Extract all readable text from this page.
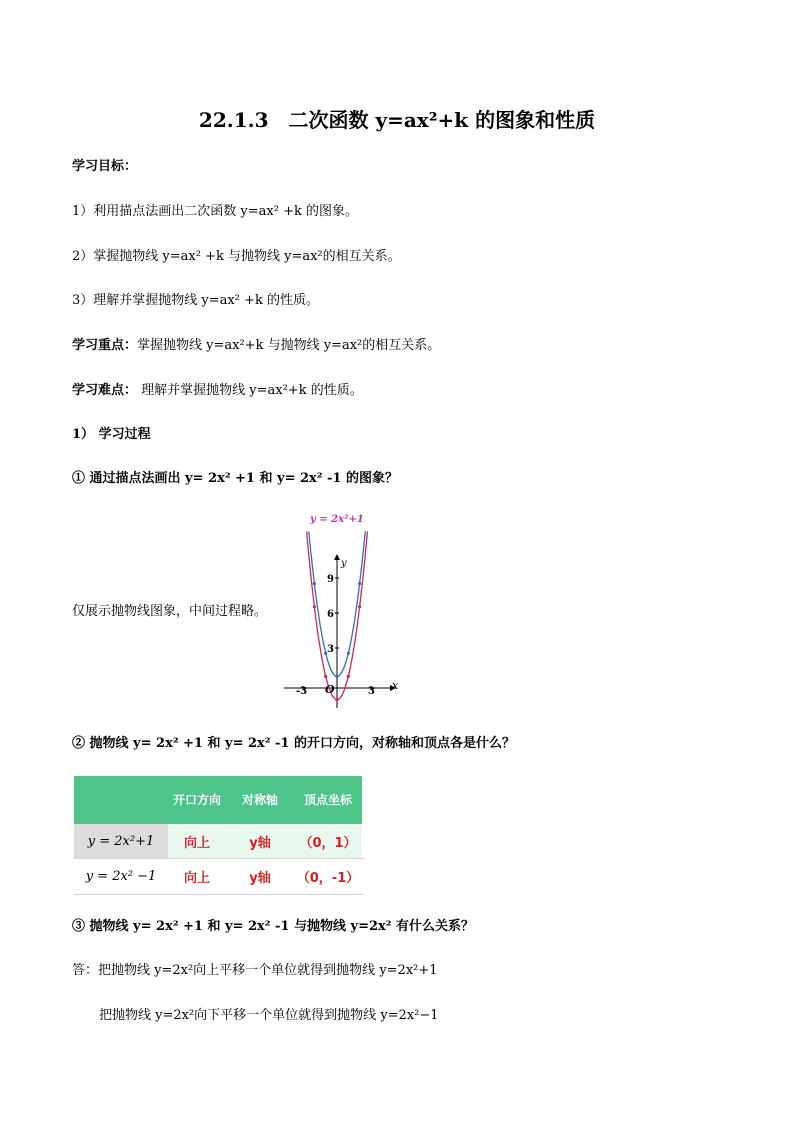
22.1.3　二次函数 y=ax²+k 的图象和性质
学习目标：
1）利用描点法画出二次函数 y=ax² +k 的图象。
2）掌握抛物线 y=ax² +k 与抛物线 y=ax²的相互关系。
3）理解并掌握抛物线 y=ax² +k 的性质。
学习重点：掌握抛物线 y=ax²+k 与抛物线 y=ax²的相互关系。
学习难点： 理解并掌握抛物线 y=ax²+k 的性质。
1） 学习过程
① 通过描点法画出 y= 2x² +1 和 y= 2x² -1 的图象？
仅展示抛物线图象，中间过程略。
y = 2x²+1
y
x
O
-3	3
9
6
3
② 抛物线 y= 2x² +1 和 y= 2x² -1 的开口方向，对称轴和顶点各是什么？
	开口方向	对称轴	顶点坐标
y = 2x²+1	向上	y轴	（0，1）
y = 2x² −1	向上	y轴	（0，-1）
③ 抛物线 y= 2x² +1 和 y= 2x² -1 与抛物线 y=2x² 有什么关系？
答：把抛物线 y=2x²向上平移一个单位就得到抛物线 y=2x²+1
把抛物线 y=2x²向下平移一个单位就得到抛物线 y=2x²−1
